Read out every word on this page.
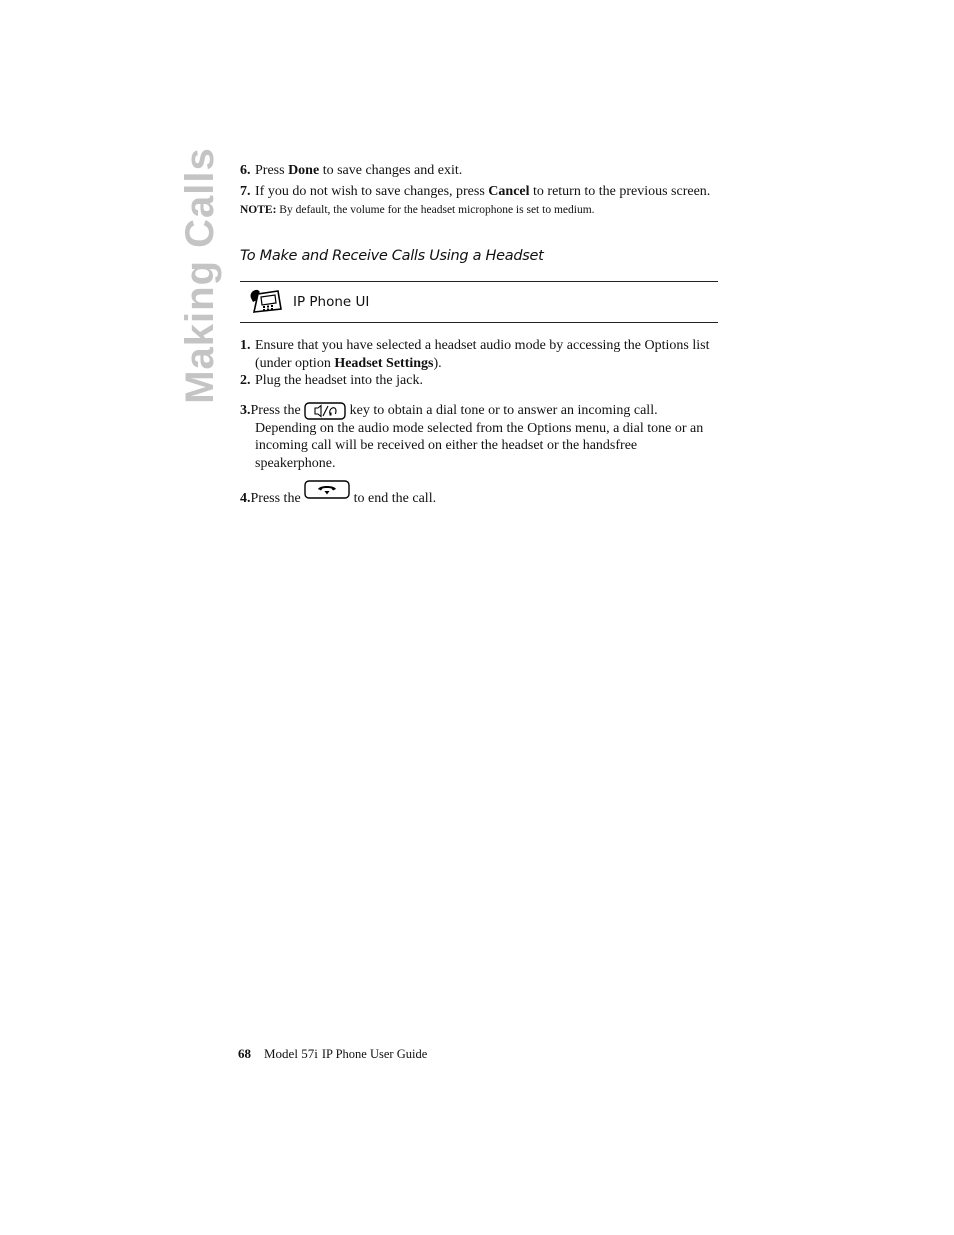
Making Calls 6. Press Done to save changes and exit.
7. If you do not wish to save changes, press Cancel to return to the previous screen.
NOTE: By default, the volume for the headset microphone is set to medium.
To Make and Receive Calls Using a Headset
IP Phone UI
1. Ensure that you have selected a headset audio mode by accessing the Options list (under option Headset Settings).
2. Plug the headset into the jack.
3.Press the	key to obtain a dial tone or to answer an incoming call.
Depending on the audio mode selected from the Options menu, a dial tone or an incoming call will be received on either the headset or the handsfree speakerphone.
4.Press the	to end the call.
68 Model 57i IP Phone User Guide
